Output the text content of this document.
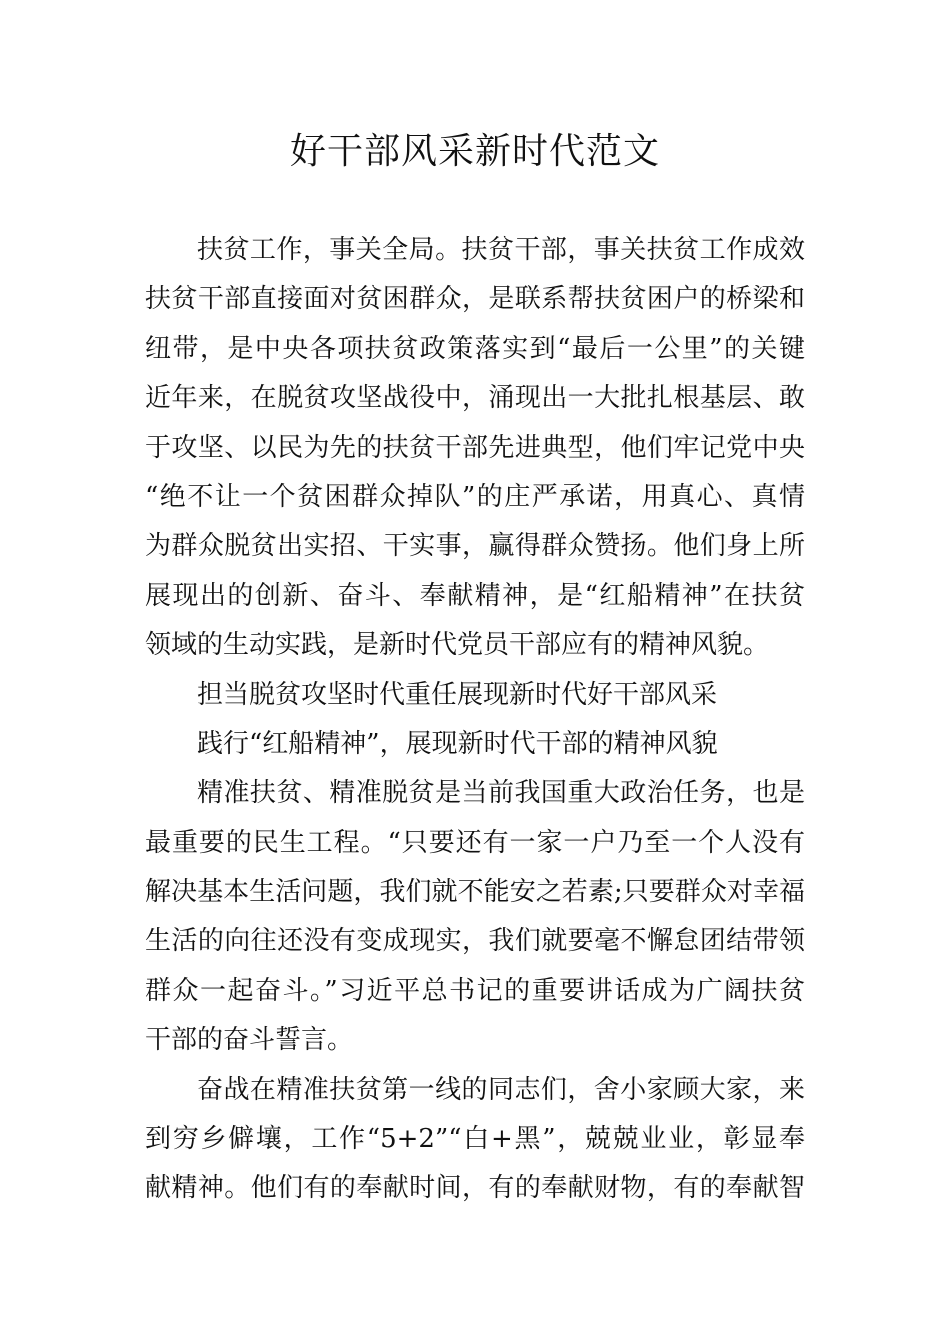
好干部风采新时代范文
扶贫工作，事关全局。扶贫干部，事关扶贫工作成效
扶贫干部直接面对贫困群众，是联系帮扶贫困户的桥梁和
纽带，是中央各项扶贫政策落实到“最后一公里”的关键
近年来，在脱贫攻坚战役中，涌现出一大批扎根基层、敢
于攻坚、以民为先的扶贫干部先进典型，他们牢记党中央
“绝不让一个贫困群众掉队”的庄严承诺，用真心、真情
为群众脱贫出实招、干实事，赢得群众赞扬。他们身上所
展现出的创新、奋斗、奉献精神，是“红船精神”在扶贫
领域的生动实践，是新时代党员干部应有的精神风貌。
担当脱贫攻坚时代重任展现新时代好干部风采
践行“红船精神”，展现新时代干部的精神风貌
精准扶贫、精准脱贫是当前我国重大政治任务，也是
最重要的民生工程。“只要还有一家一户乃至一个人没有
解决基本生活问题，我们就不能安之若素;只要群众对幸福
生活的向往还没有变成现实，我们就要毫不懈怠团结带领
群众一起奋斗。”习近平总书记的重要讲话成为广阔扶贫
干部的奋斗誓言。
奋战在精准扶贫第一线的同志们，舍小家顾大家，来
到穷乡僻壤，工作“5+2”“白+黑”，兢兢业业，彰显奉
献精神。他们有的奉献时间，有的奉献财物，有的奉献智
